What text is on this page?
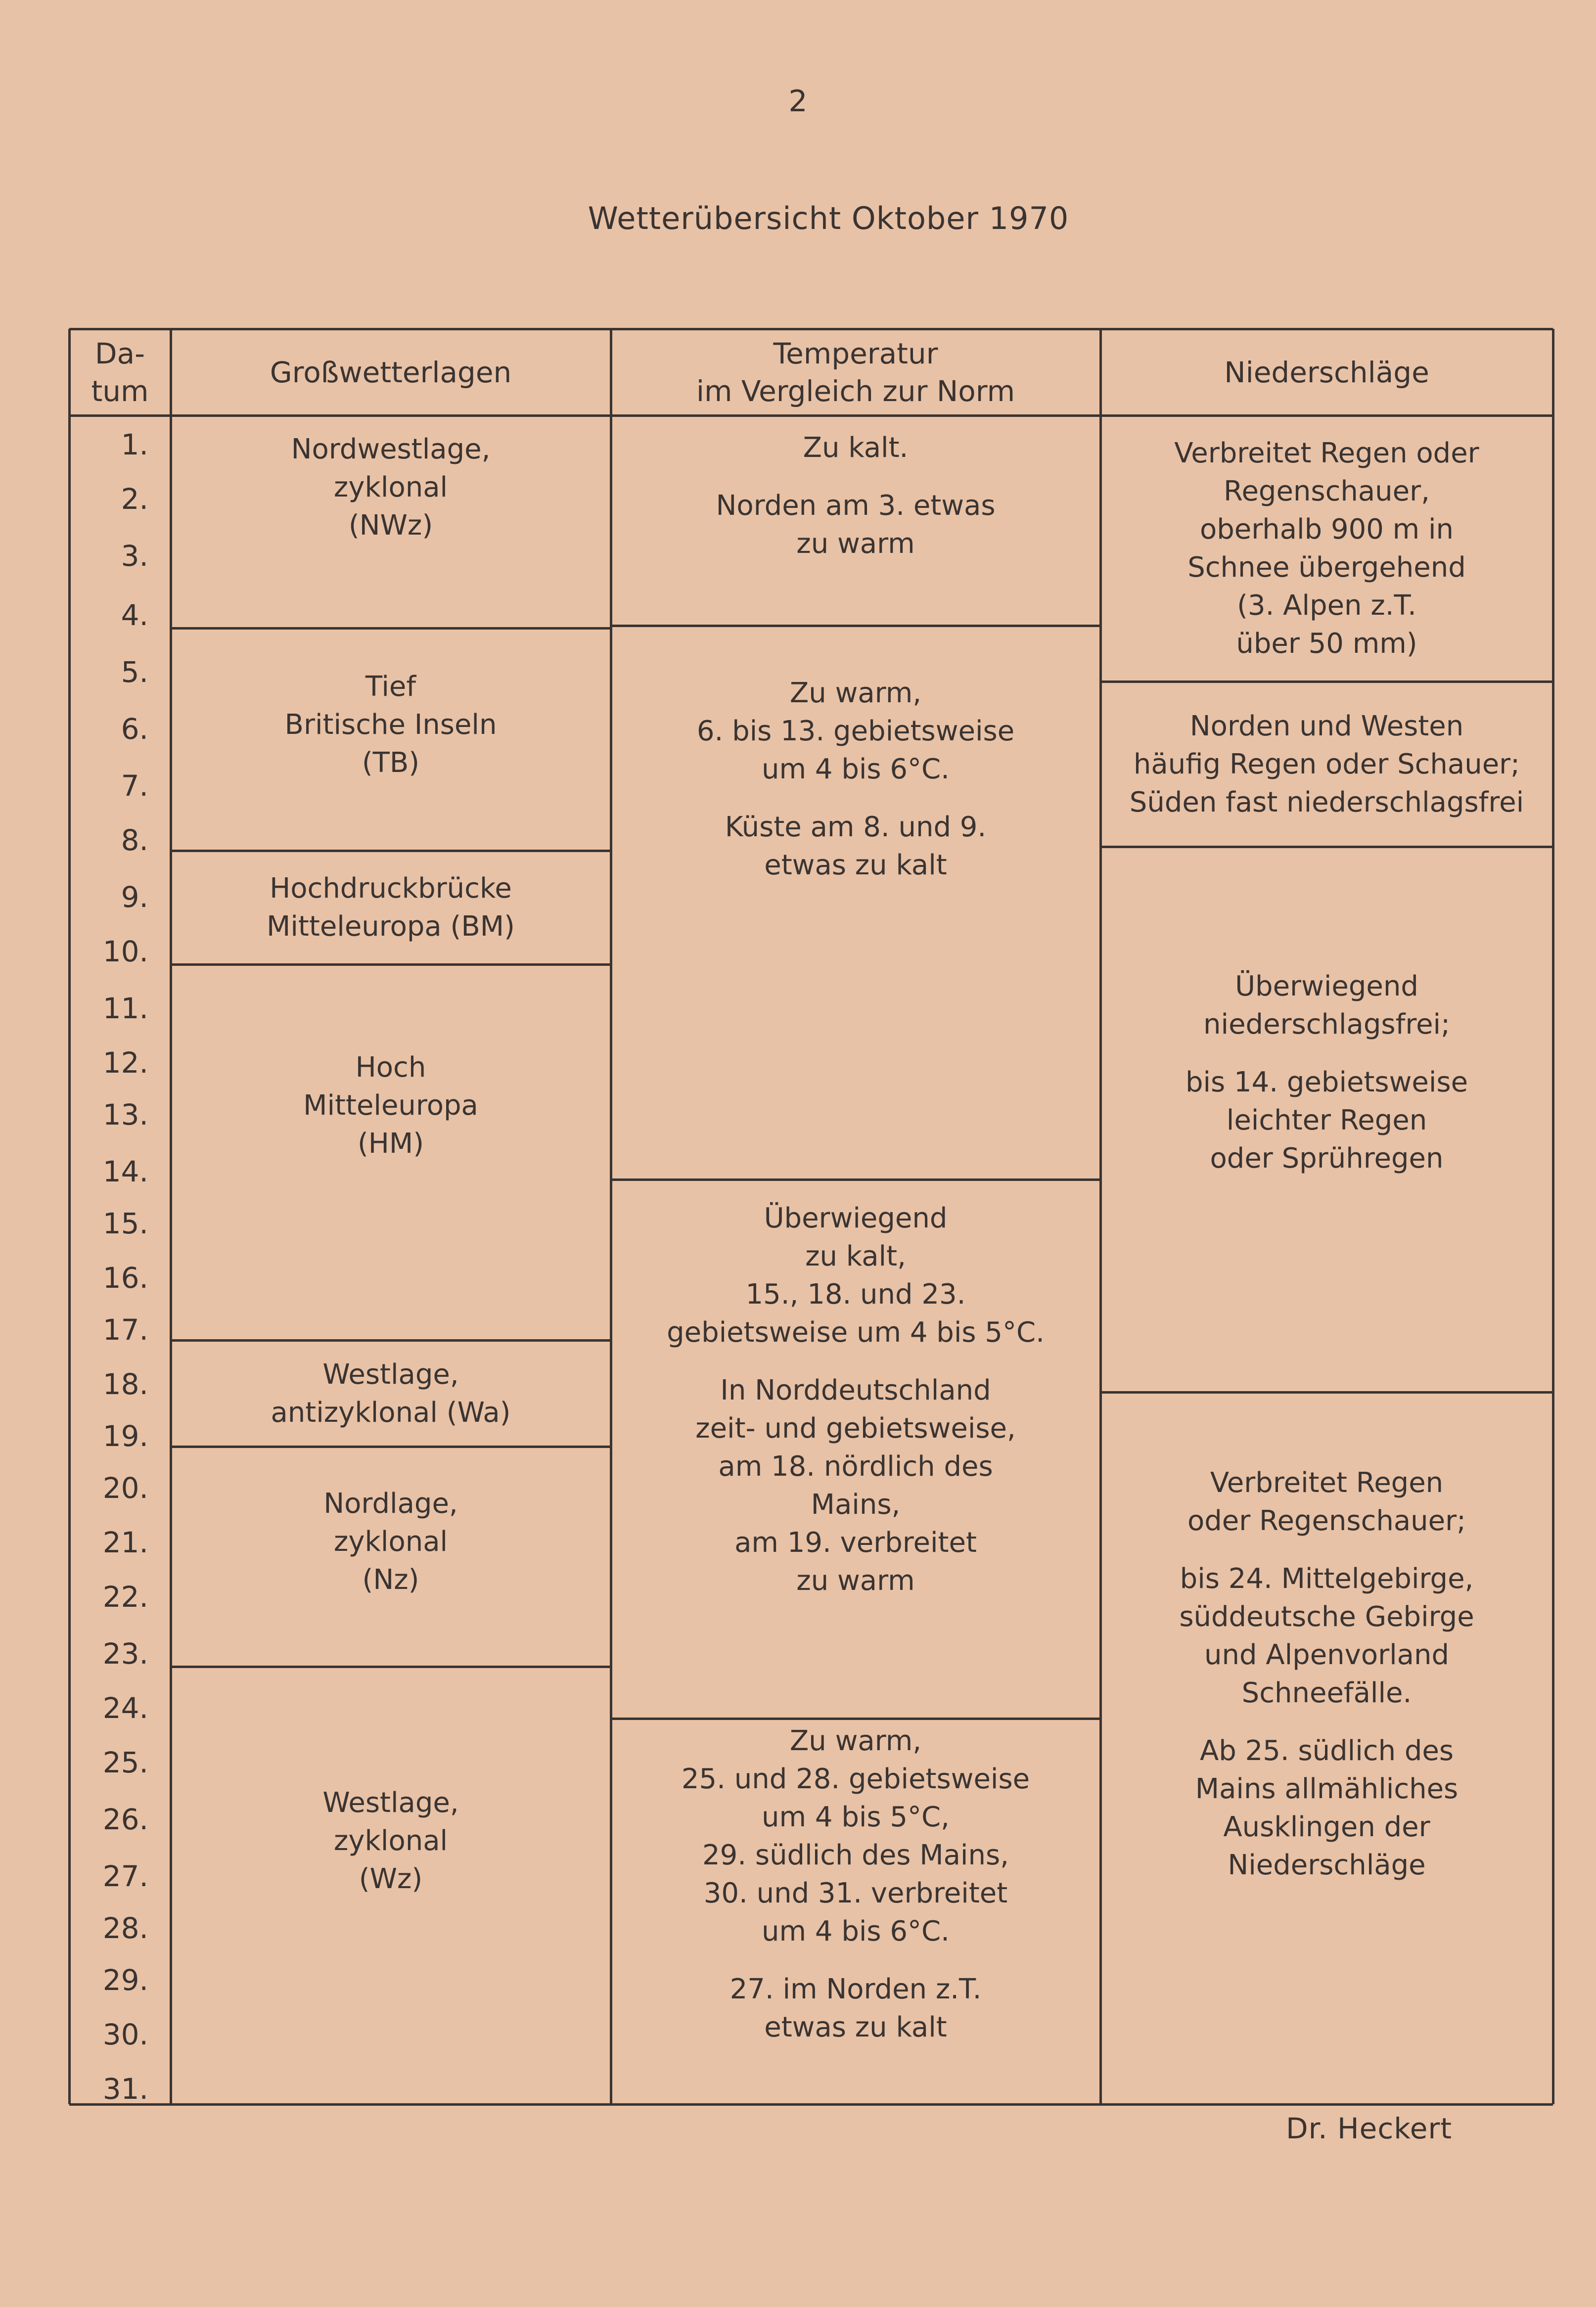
2
Wetterübersicht Oktober 1970
Da-
tum
Großwetterlagen
Temperatur
im Vergleich zur Norm
Niederschläge
1.
2.
3.
4.
5.
6.
7.
8.
9.
10.
11.
12.
13.
14.
15.
16.
17.
18.
19.
20.
21.
22.
23.
24.
25.
26.
27.
28.
29.
30.
31.
Nordwestlage,
zyklonal
(NWz)
Tief
Britische Inseln
(TB)
Hochdruckbrücke
Mitteleuropa (BM)
Hoch
Mitteleuropa
(HM)
Westlage,
antizyklonal (Wa)
Nordlage,
zyklonal
(Nz)
Westlage,
zyklonal
(Wz)
Zu kalt.
Norden am 3. etwas
zu warm
Zu warm,
6. bis 13. gebietsweise
um 4 bis 6°C.
Küste am 8. und 9.
etwas zu kalt
Überwiegend
zu kalt,
15., 18. und 23.
gebietsweise um 4 bis 5°C.
In Norddeutschland
zeit- und gebietsweise,
am 18. nördlich des
Mains,
am 19. verbreitet
zu warm
Zu warm,
25. und 28. gebietsweise
um 4 bis 5°C,
29. südlich des Mains,
30. und 31. verbreitet
um 4 bis 6°C.
27. im Norden z.T.
etwas zu kalt
Verbreitet Regen oder
Regenschauer,
oberhalb 900 m in
Schnee übergehend
(3. Alpen z.T.
über 50 mm)
Norden und Westen
häufig Regen oder Schauer;
Süden fast niederschlagsfrei
Überwiegend
niederschlagsfrei;
bis 14. gebietsweise
leichter Regen
oder Sprühregen
Verbreitet Regen
oder Regenschauer;
bis 24. Mittelgebirge,
süddeutsche Gebirge
und Alpenvorland
Schneefälle.
Ab 25. südlich des
Mains allmähliches
Ausklingen der
Niederschläge
Dr. Heckert
